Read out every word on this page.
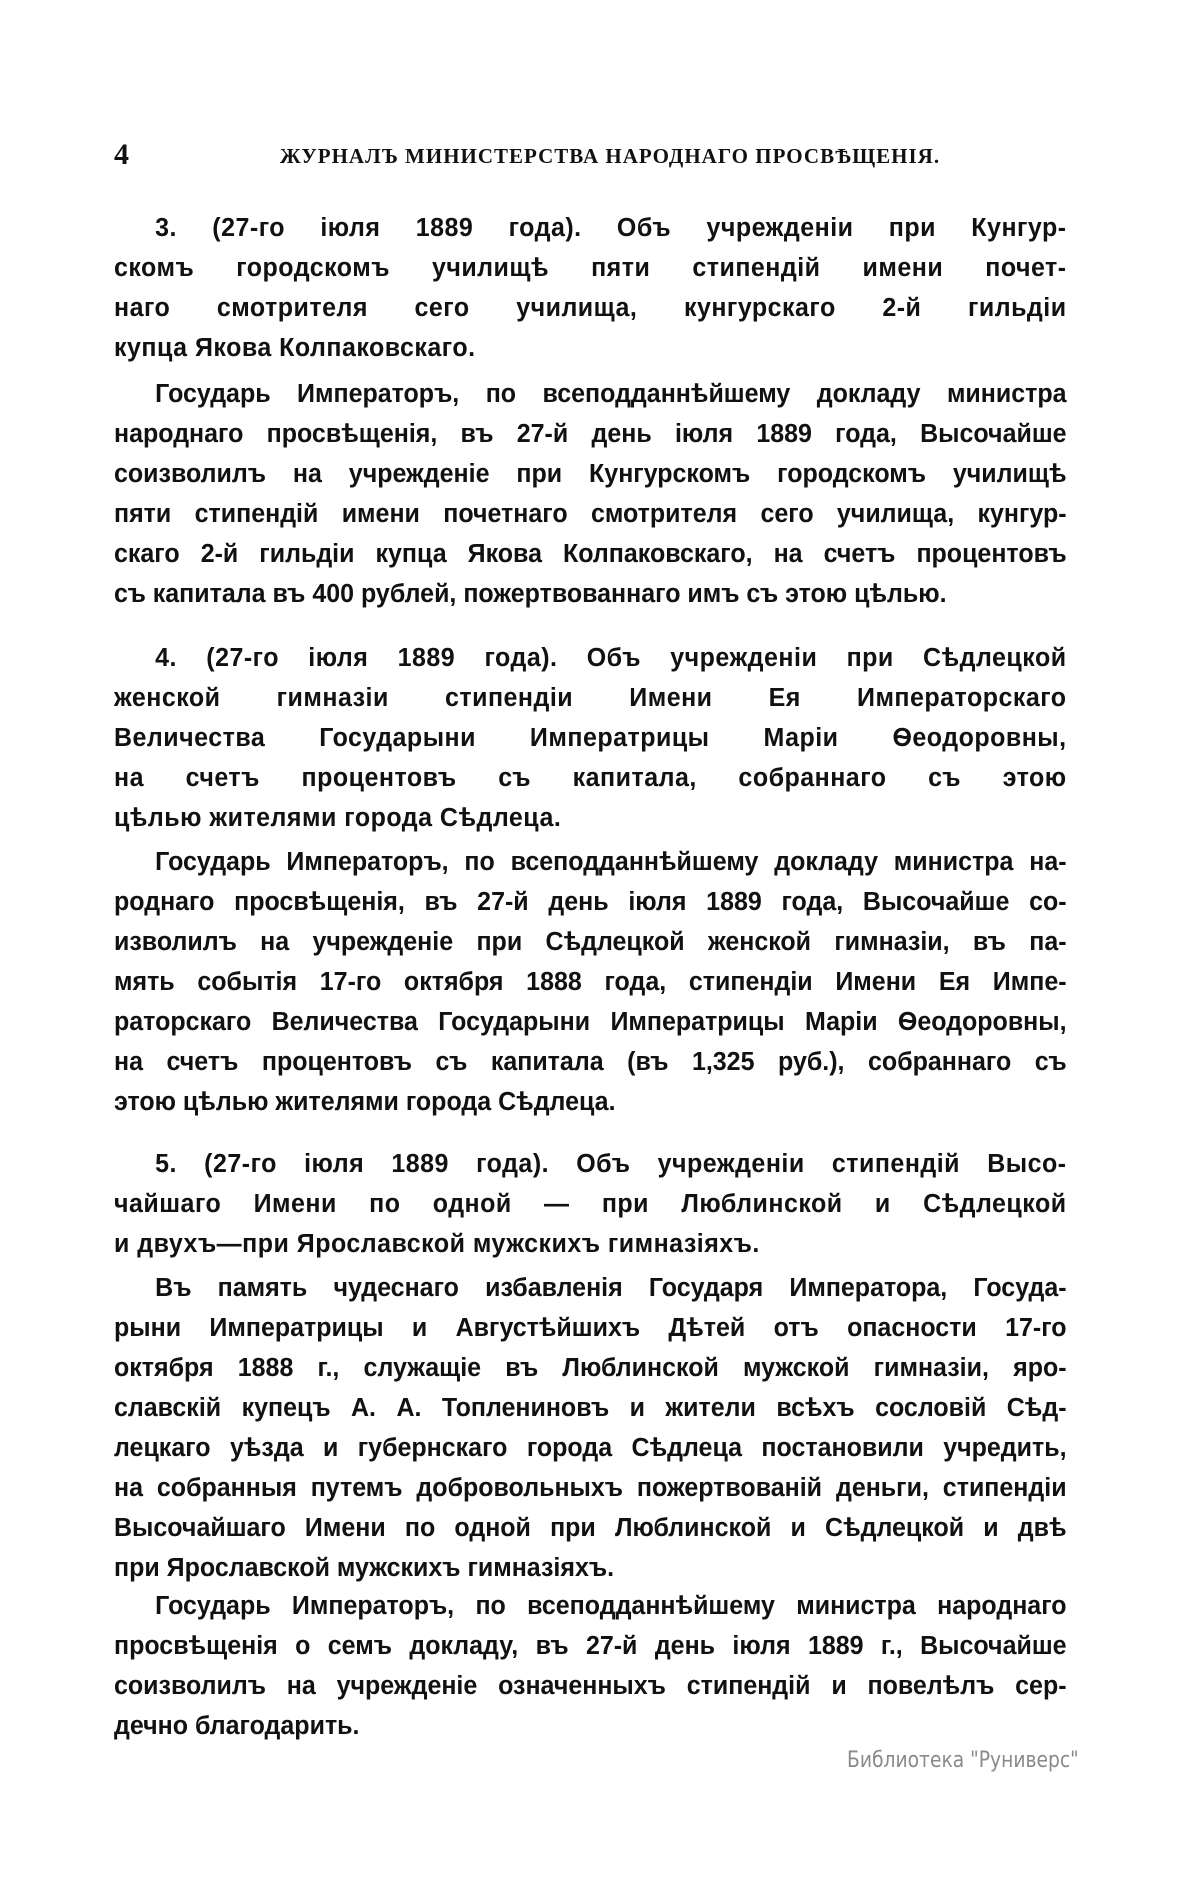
4	ЖУРНАЛЪ МИНИСТЕРСТВА НАРОДНАГО ПРОСВѢЩЕНІЯ.
3. (27-го іюля 1889 года). Объ учрежденіи при Кунгур-
скомъ городскомъ училищѣ пяти стипендій имени почет-
наго смотрителя сего училища, кунгурскаго 2-й гильдіи
купца Якова Колпаковскаго.
Государь Императоръ, по всеподданнѣйшему докладу министра
народнаго просвѣщенія, въ 27-й день іюля 1889 года, Высочайше
соизволилъ на учрежденіе при Кунгурскомъ городскомъ училищѣ
пяти стипендій имени почетнаго смотрителя сего училища, кунгур-
скаго 2-й гильдіи купца Якова Колпаковскаго, на счетъ процентовъ
съ капитала въ 400 рублей, пожертвованнаго имъ съ этою цѣлью.
4. (27-го іюля 1889 года). Объ учрежденіи при Сѣдлецкой
женской гимназіи стипендіи Имени Ея Императорскаго
Величества Государыни Императрицы Маріи Ѳеодоровны,
на счетъ процентовъ съ капитала, собраннаго съ этою
цѣлью жителями города Сѣдлеца.
Государь Императоръ, по всеподданнѣйшему докладу министра на-
роднаго просвѣщенія, въ 27-й день іюля 1889 года, Высочайше со-
изволилъ на учрежденіе при Сѣдлецкой женской гимназіи, въ па-
мять событія 17-го октября 1888 года, стипендіи Имени Ея Импе-
раторскаго Величества Государыни Императрицы Маріи Ѳеодоровны,
на счетъ процентовъ съ капитала (въ 1,325 руб.), собраннаго съ
этою цѣлью жителями города Сѣдлеца.
5. (27-го іюля 1889 года). Объ учрежденіи стипендій Высо-
чайшаго Имени по одной — при Люблинской и Сѣдлецкой
и двухъ—при Ярославской мужскихъ гимназіяхъ.
Въ память чудеснаго избавленія Государя Императора, Госуда-
рыни Императрицы и Августѣйшихъ Дѣтей отъ опасности 17-го
октября 1888 г., служащіе въ Люблинской мужской гимназіи, яро-
славскій купецъ А. А. Топлениновъ и жители всѣхъ сословій Сѣд-
лецкаго уѣзда и губернскаго города Сѣдлеца постановили учредить,
на собранныя путемъ добровольныхъ пожертвованій деньги, стипендіи
Высочайшаго Имени по одной при Люблинской и Сѣдлецкой и двѣ
при Ярославской мужскихъ гимназіяхъ.
Государь Императоръ, по всеподданнѣйшему министра народнаго
просвѣщенія о семъ докладу, въ 27-й день іюля 1889 г., Высочайше
соизволилъ на учрежденіе означенныхъ стипендій и повелѣлъ сер-
дечно благодарить.
Библиотека "Руниверс"
